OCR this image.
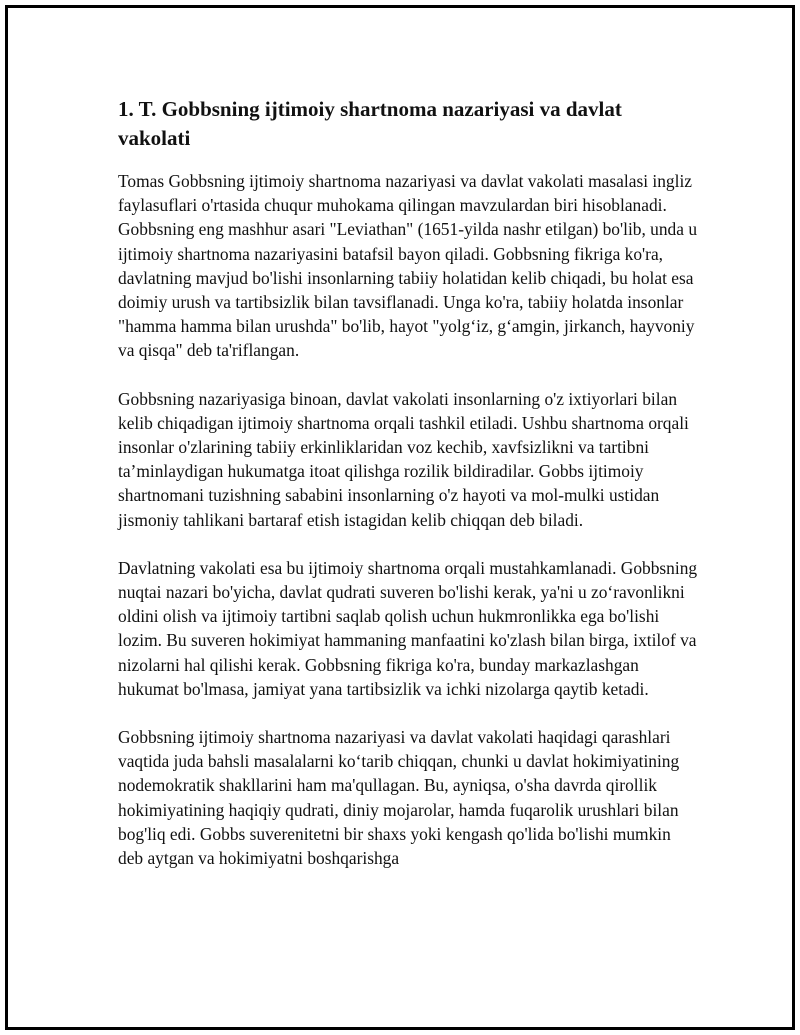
1. T. Gobbsning ijtimoiy shartnoma nazariyasi va davlat vakolati

Tomas Gobbsning ijtimoiy shartnoma nazariyasi va davlat vakolati masalasi ingliz faylasuflari o'rtasida chuqur muhokama qilingan mavzulardan biri hisoblanadi. Gobbsning eng mashhur asari "Leviathan" (1651-yilda nashr etilgan) bo'lib, unda u ijtimoiy shartnoma nazariyasini batafsil bayon qiladi. Gobbsning fikriga ko'ra, davlatning mavjud bo'lishi insonlarning tabiiy holatidan kelib chiqadi, bu holat esa doimiy urush va tartibsizlik bilan tavsiflanadi. Unga ko'ra, tabiiy holatda insonlar "hamma hamma bilan urushda" bo'lib, hayot "yolg‘iz, g‘amgin, jirkanch, hayvoniy va qisqa" deb ta'riflangan.

Gobbsning nazariyasiga binoan, davlat vakolati insonlarning o'z ixtiyorlari bilan kelib chiqadigan ijtimoiy shartnoma orqali tashkil etiladi. Ushbu shartnoma orqali insonlar o'zlarining tabiiy erkinliklaridan voz kechib, xavfsizlikni va tartibni ta’minlaydigan hukumatga itoat qilishga rozilik bildiradilar. Gobbs ijtimoiy shartnomani tuzishning sababini insonlarning o'z hayoti va mol-mulki ustidan jismoniy tahlikani bartaraf etish istagidan kelib chiqqan deb biladi.

Davlatning vakolati esa bu ijtimoiy shartnoma orqali mustahkamlanadi. Gobbsning nuqtai nazari bo'yicha, davlat qudrati suveren bo'lishi kerak, ya'ni u zo‘ravonlikni oldini olish va ijtimoiy tartibni saqlab qolish uchun hukmronlikka ega bo'lishi lozim. Bu suveren hokimiyat hammaning manfaatini ko'zlash bilan birga, ixtilof va nizolarni hal qilishi kerak. Gobbsning fikriga ko'ra, bunday markazlashgan hukumat bo'lmasa, jamiyat yana tartibsizlik va ichki nizolarga qaytib ketadi.

Gobbsning ijtimoiy shartnoma nazariyasi va davlat vakolati haqidagi qarashlari vaqtida juda bahsli masalalarni ko‘tarib chiqqan, chunki u davlat hokimiyatining nodemokratik shakllarini ham ma'qullagan. Bu, ayniqsa, o'sha davrda qirollik hokimiyatining haqiqiy qudrati, diniy mojarolar, hamda fuqarolik urushlari bilan bog'liq edi. Gobbs suverenitetni bir shaxs yoki kengash qo'lida bo'lishi mumkin deb aytgan va hokimiyatni boshqarishga
